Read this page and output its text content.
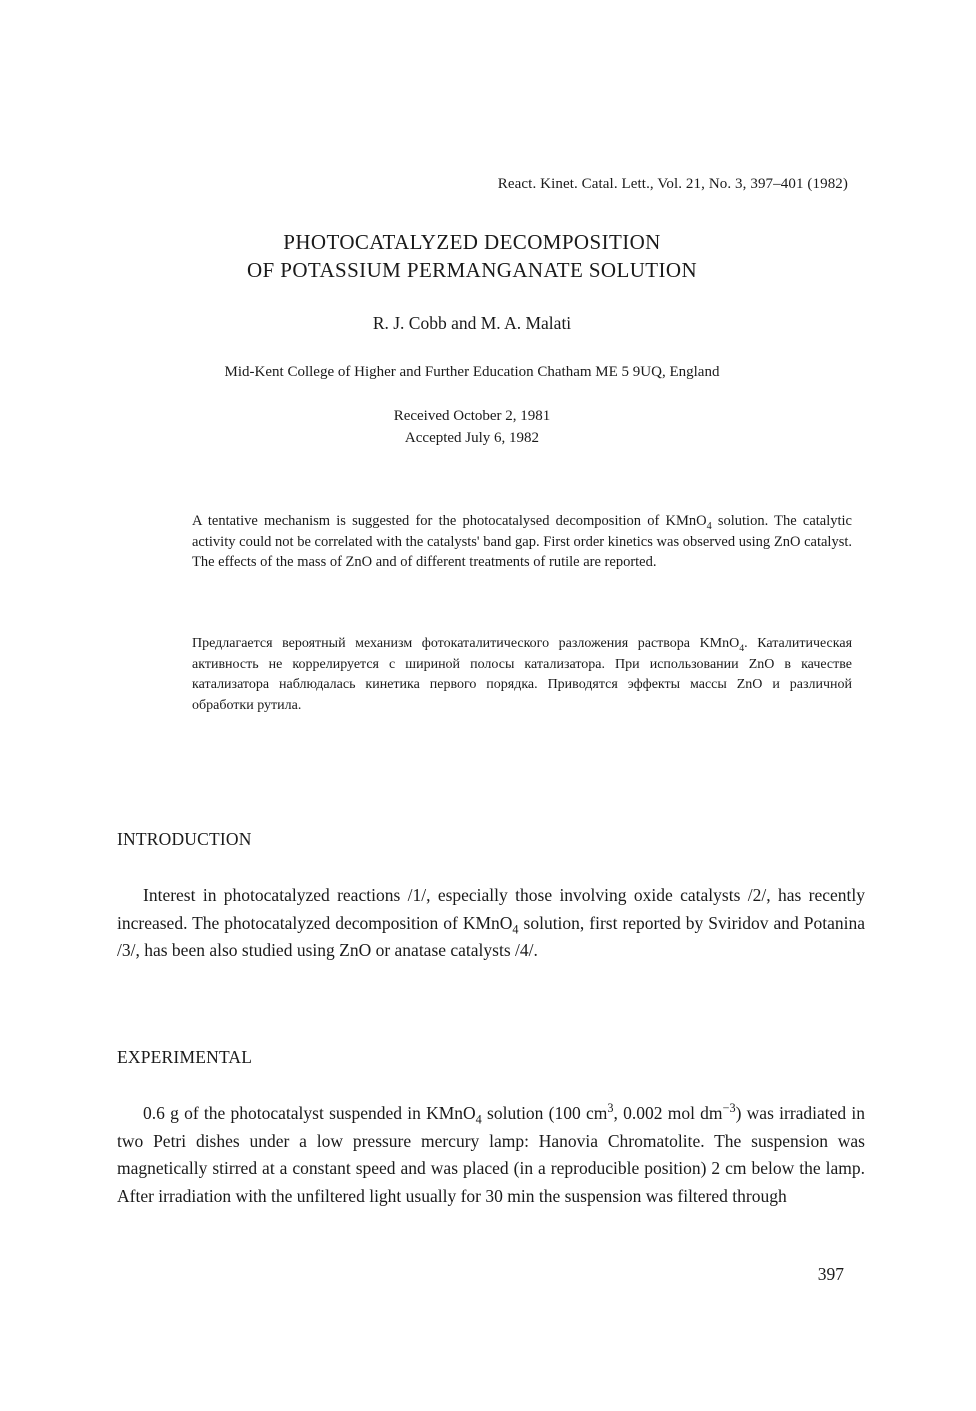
React. Kinet. Catal. Lett., Vol. 21, No. 3, 397–401 (1982)
PHOTOCATALYZED DECOMPOSITION
OF POTASSIUM PERMANGANATE SOLUTION
R. J. Cobb and M. A. Malati
Mid-Kent College of Higher and Further Education Chatham ME 5 9UQ, England
Received October 2, 1981
Accepted July 6, 1982
A tentative mechanism is suggested for the photocatalysed decomposition of KMnO$_4$ solution. The catalytic activity could not be correlated with the catalysts' band gap. First order kinetics was observed using ZnO catalyst. The effects of the mass of ZnO and of different treatments of rutile are reported.
Предлагается вероятный механизм фотокаталитического разложения раствора KMnO$_4$. Каталитическая активность не коррелируется с шириной полосы катализатора. При использовании ZnO в качестве катализатора наблюдалась кинетика первого порядка. Приводятся эффекты массы ZnO и различной обработки рутила.
INTRODUCTION
Interest in photocatalyzed reactions /1/, especially those involving oxide catalysts /2/, has recently increased. The photocatalyzed decomposition of KMnO$_4$ solution, first reported by Sviridov and Potanina /3/, has been also studied using ZnO or anatase catalysts /4/.
EXPERIMENTAL
0.6 g of the photocatalyst suspended in KMnO$_4$ solution (100 $cm^3$, 0.002 mol $dm^{-3}$) was irradiated in two Petri dishes under a low pressure mercury lamp: Hanovia Chromatolite. The suspension was magnetically stirred at a constant speed and was placed (in a reproducible position) 2 cm below the lamp. After irradiation with the unfiltered light usually for 30 min the suspension was filtered through
397
